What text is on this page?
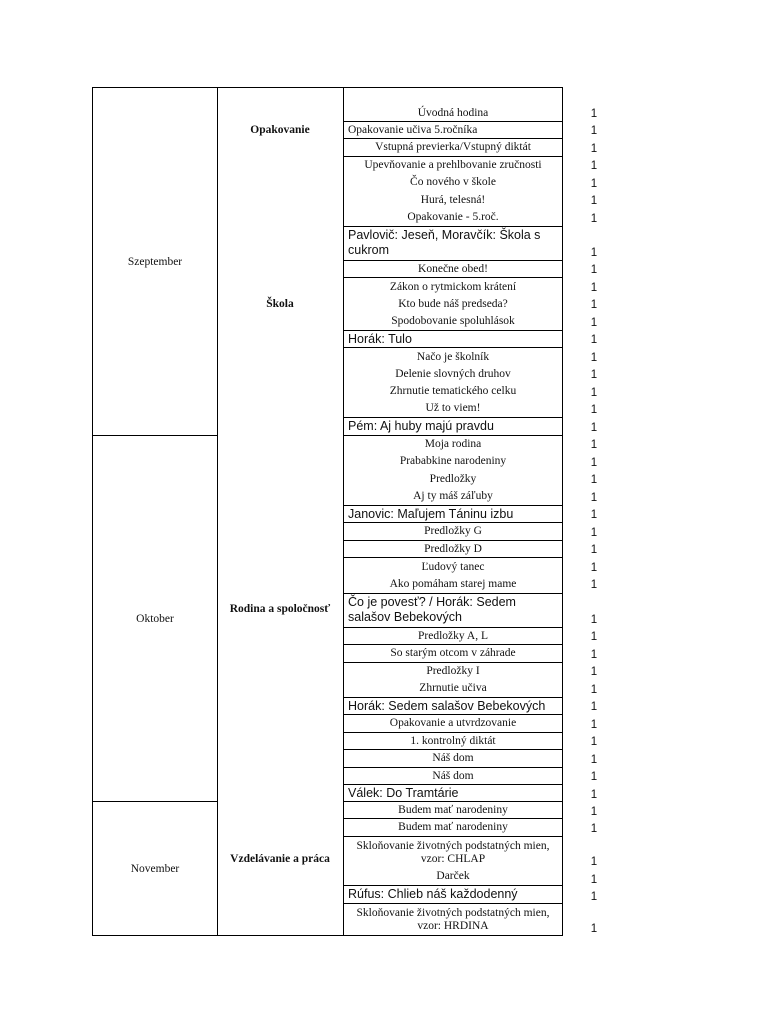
Szeptember
Oktober
November
Opakovanie
Škola
Rodina a spoločnosť
Vzdelávanie a práca
Úvodná hodina
Opakovanie učiva 5.ročníka
Vstupná previerka/Vstupný diktát
Upevňovanie a prehlbovanie zručnosti
Čo nového v škole
Hurá, telesná!
Opakovanie - 5.roč.
Pavlovič: Jeseň, Moravčík: Škola s cukrom
Konečne obed!
Zákon o rytmickom krátení
Kto bude náš predseda?
Spodobovanie spoluhlások
Horák: Tulo
Načo je školník
Delenie slovných druhov
Zhrnutie tematického celku
Už to viem!
Pém: Aj huby majú pravdu
Moja rodina
Prababkine narodeniny
Predložky
Aj ty máš záľuby
Janovic: Maľujem Táninu izbu
Predložky G
Predložky D
Ľudový tanec
Ako pomáham starej mame
Čo je povesť? / Horák: Sedem salašov Bebekových
Predložky A, L
So starým otcom v záhrade
Predložky I
Zhrnutie učiva
Horák: Sedem salašov Bebekových
Opakovanie a utvrdzovanie
1. kontrolný diktát
Náš dom
Náš dom
Válek: Do Tramtárie
Budem mať narodeniny
Budem mať narodeniny
Skloňovanie životných podstatných mien, vzor: CHLAP
Darček
Rúfus: Chlieb náš každodenný
Skloňovanie životných podstatných mien, vzor: HRDINA
1
1
1
1
1
1
1
1
1
1
1
1
1
1
1
1
1
1
1
1
1
1
1
1
1
1
1
1
1
1
1
1
1
1
1
1
1
1
1
1
1
1
1
1
